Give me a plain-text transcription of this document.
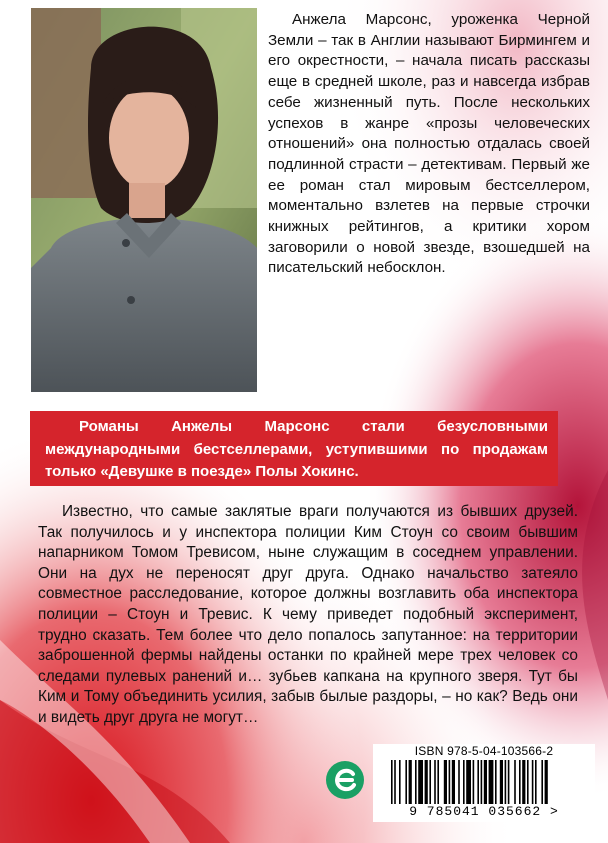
Анжела Марсонс, уроженка Черной Земли – так в Англии называют Бирмингем и его окрестности, – начала писать рассказы еще в средней школе, раз и навсегда избрав себе жизненный путь. После нескольких успехов в жанре «прозы человеческих отношений» она полностью отдалась своей подлинной страсти – детективам. Первый же ее роман стал мировым бестселлером, моментально взлетев на первые строчки книжных рейтингов, а критики хором заговорили о новой звезде, взошедшей на писательский небосклон.

Романы Анжелы Марсонс стали безусловными международными бестселлерами, уступившими по продажам только «Девушке в поезде» Полы Хокинс.

Известно, что самые заклятые враги получаются из бывших друзей. Так получилось и у инспектора полиции Ким Стоун со своим бывшим напарником Томом Тревисом, ныне служащим в соседнем управлении. Они на дух не переносят друг друга. Однако начальство затеяло совместное расследование, которое должны возглавить оба инспектора полиции – Стоун и Тревис. К чему приведет подобный эксперимент, трудно сказать. Тем более что дело попалось запутанное: на территории заброшенной фермы найдены останки по крайней мере трех человек со следами пулевых ранений и… зубьев капкана на крупного зверя. Тут бы Ким и Тому объединить усилия, забыв былые раздоры, – но как? Ведь они и видеть друг друга не могут…

ISBN 978-5-04-103566-2
9 785041 035662 >
